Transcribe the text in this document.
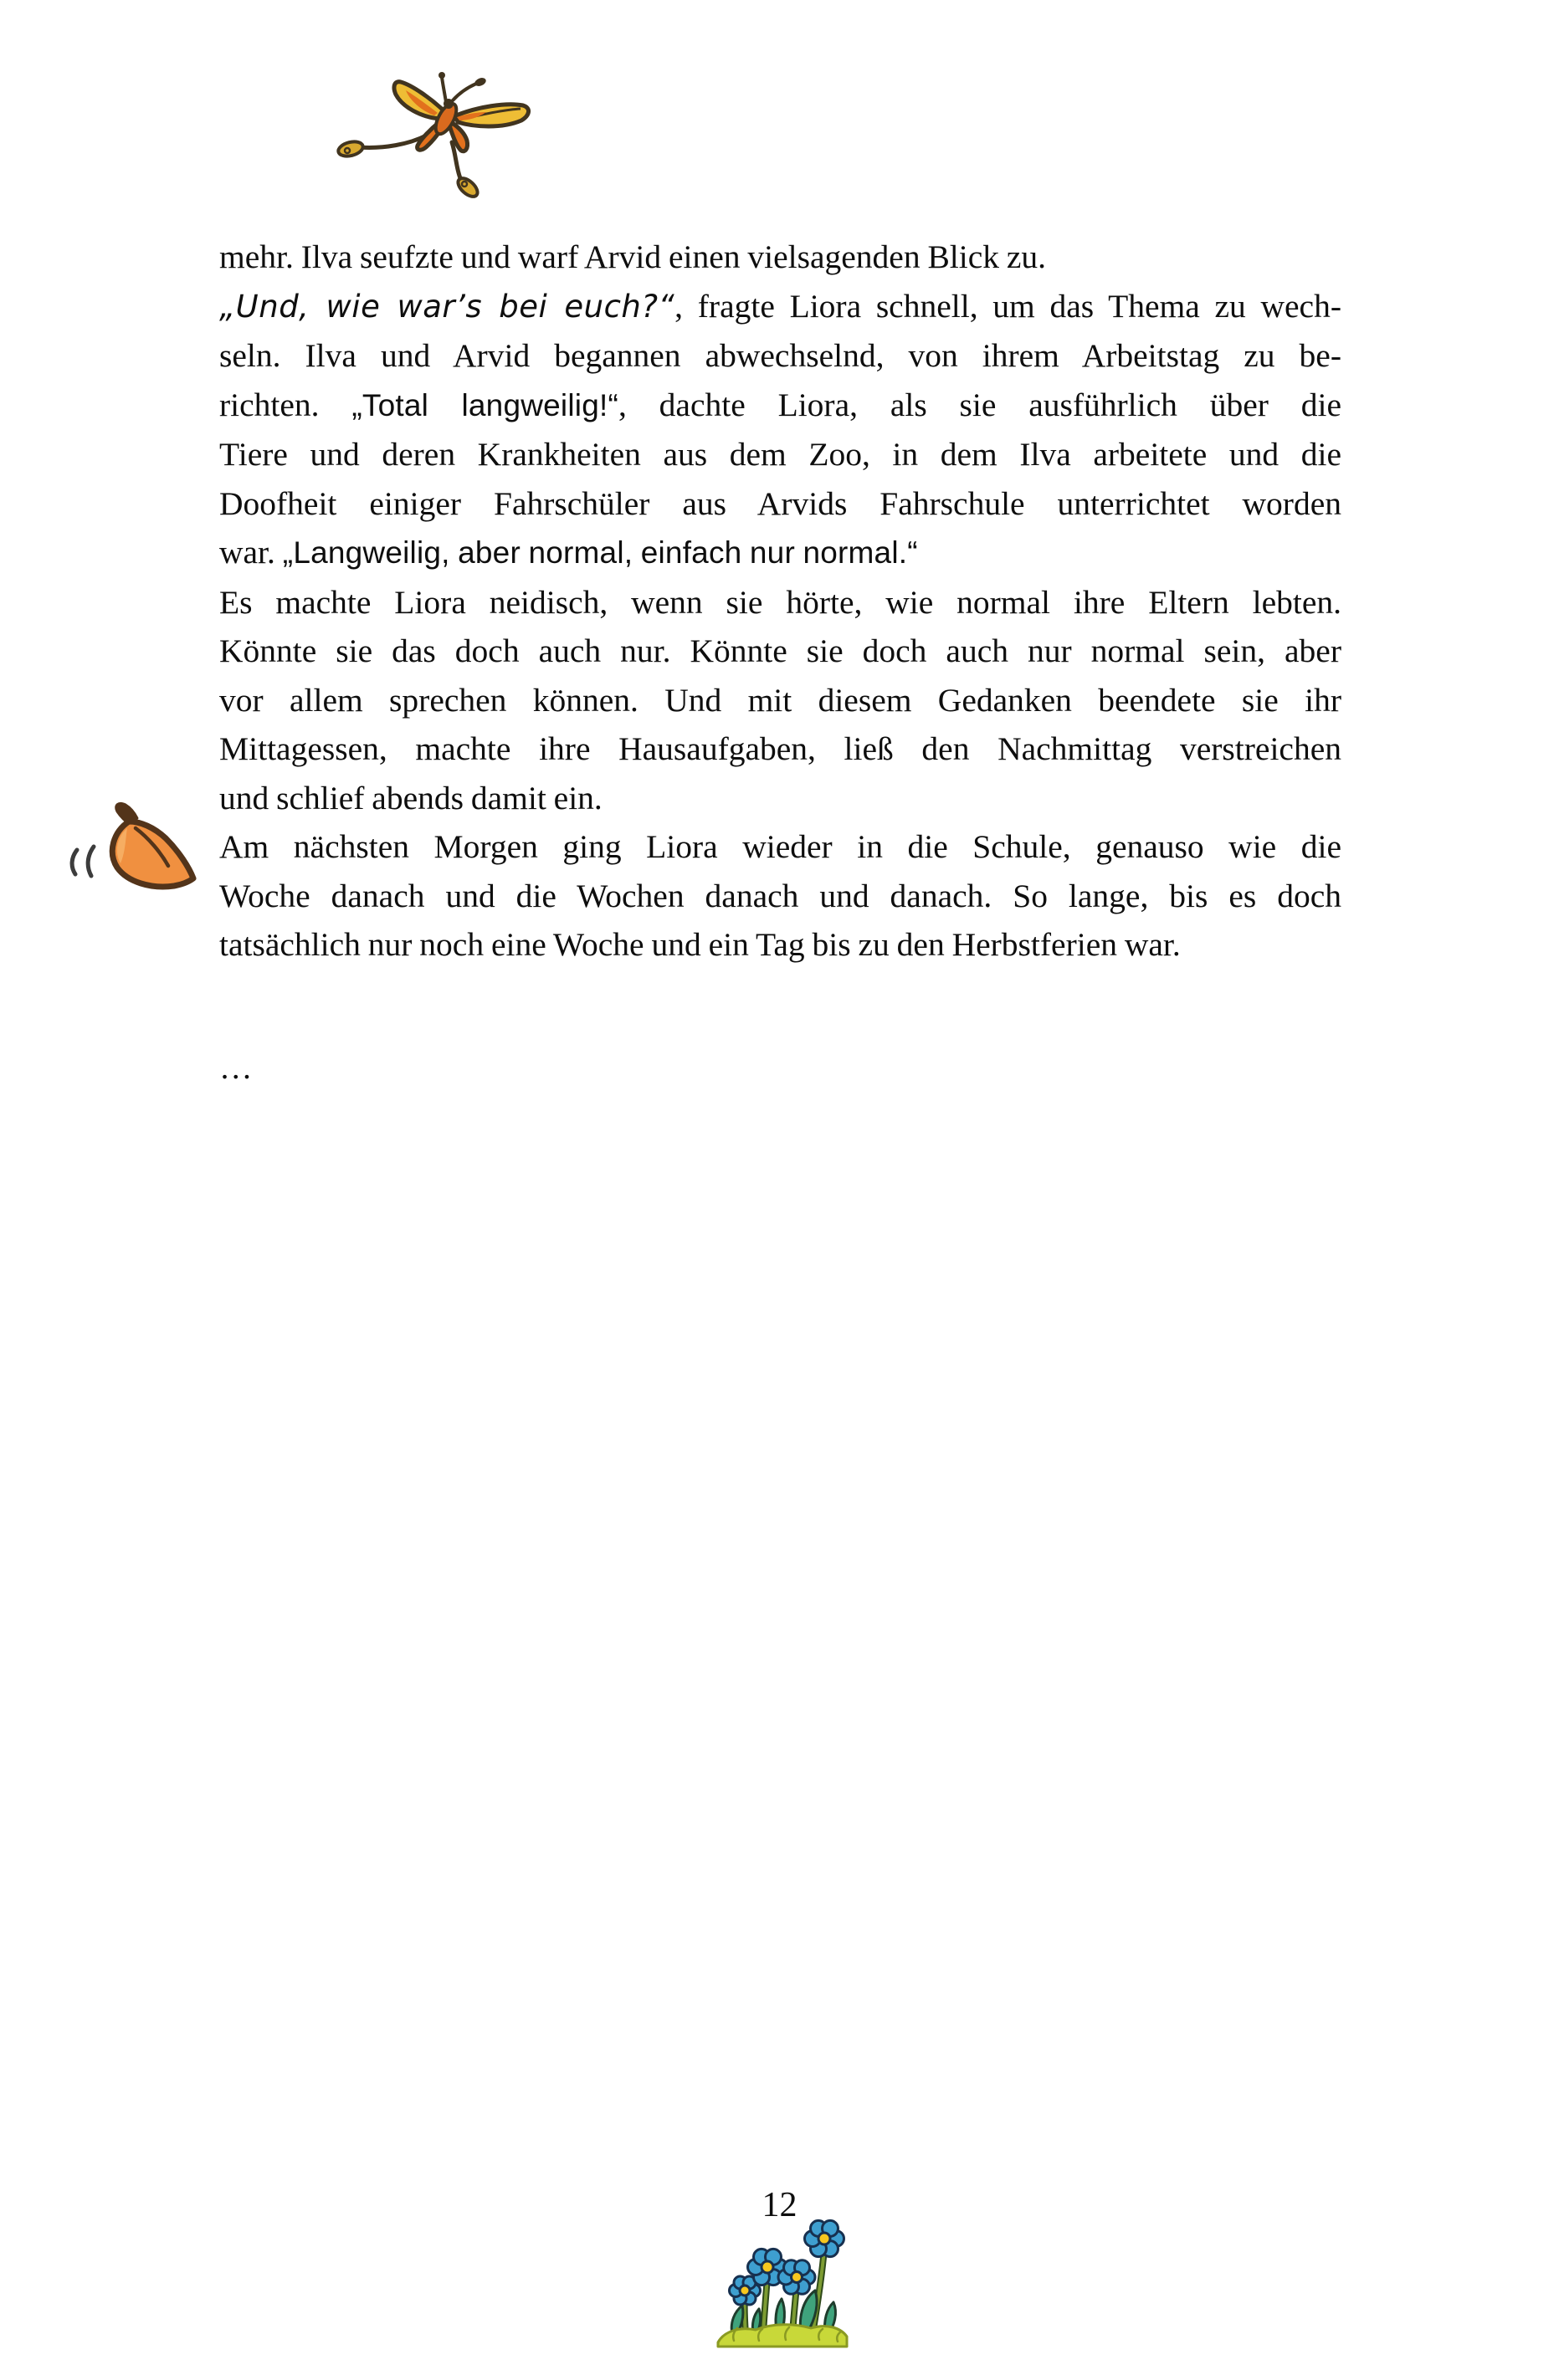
mehr. Ilva seufzte und warf Arvid einen vielsagenden Blick zu.
„Und, wie war’s bei euch?“, fragte Liora schnell, um das Thema zu wech-
seln. Ilva und Arvid begannen abwechselnd, von ihrem Arbeitstag zu be-
richten. „Total langweilig!“, dachte Liora, als sie ausführlich über die
Tiere und deren Krankheiten aus dem Zoo, in dem Ilva arbeitete und die
Doofheit einiger Fahrschüler aus Arvids Fahrschule unterrichtet worden
war. „Langweilig, aber normal, einfach nur normal.“
Es machte Liora neidisch, wenn sie hörte, wie normal ihre Eltern lebten.
Könnte sie das doch auch nur. Könnte sie doch auch nur normal sein, aber
vor allem sprechen können. Und mit diesem Gedanken beendete sie ihr
Mittagessen, machte ihre Hausaufgaben, ließ den Nachmittag verstreichen
und schlief abends damit ein.
Am nächsten Morgen ging Liora wieder in die Schule, genauso wie die
Woche danach und die Wochen danach und danach. So lange, bis es doch
tatsächlich nur noch eine Woche und ein Tag bis zu den Herbstferien war.
…
12
